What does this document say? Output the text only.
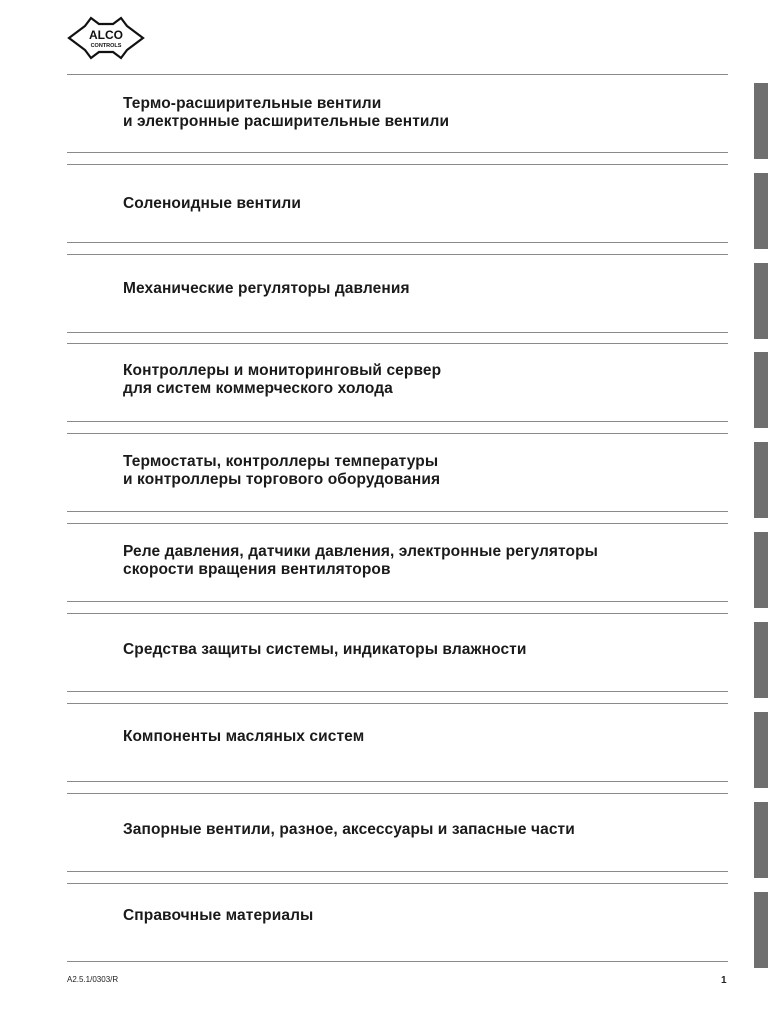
ALCO
CONTROLS
Термо-расширительные вентили
и электронные расширительные вентили
Соленоидные вентили
Механические регуляторы давления
Контроллеры и мониторинговый сервер
для систем коммерческого холода
Термостаты, контроллеры температуры
и контроллеры торгового оборудования
Реле давления, датчики давления, электронные регуляторы
скорости вращения вентиляторов
Средства защиты системы, индикаторы влажности
Компоненты масляных систем
Запорные вентили, разное, аксессуары и запасные части
Справочные материалы
A2.5.1/0303/R	1
